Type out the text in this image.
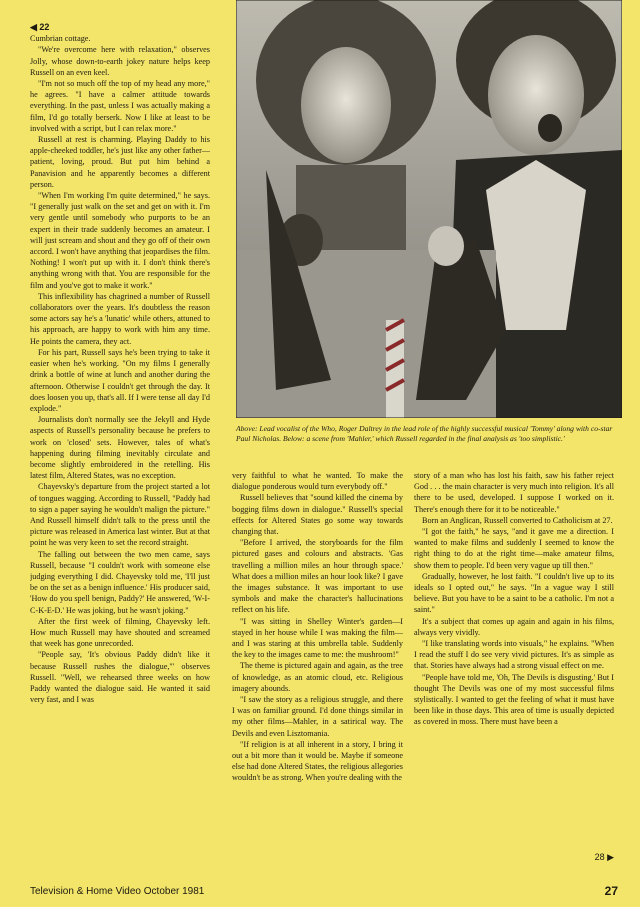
◀ 22

Cumbrian cottage.

"We're overcome here with relaxation," observes Jolly, whose down-to-earth jokey nature helps keep Russell on an even keel.

"I'm not so much off the top of my head any more," he agrees. "I have a calmer attitude towards everything. In the past, unless I was actually making a film, I'd go totally berserk. Now I like at least to be involved with a script, but I can relax more."

Russell at rest is charming. Playing Daddy to his apple-cheeked toddler, he's just like any other father—patient, loving, proud. But put him behind a Panavision and he apparently becomes a different person.

"When I'm working I'm quite determined," he says. "I generally just walk on the set and get on with it. I'm very gentle until somebody who purports to be an expert in their trade suddenly becomes an amateur. I will just scream and shout and they go off of their own accord. I won't have anything that jeopardises the film. Nothing! I won't put up with it. I don't think there's anything wrong with that. You are responsible for the film and you've got to make it work."

This inflexibility has chagrined a number of Russell collaborators over the years. It's doubtless the reason some actors say he's a 'lunatic' while others, attuned to his approach, are happy to work with him any time. He points the camera, they act.

For his part, Russell says he's been trying to take it easier when he's working. "On my films I generally drink a bottle of wine at lunch and another during the afternoon. Otherwise I couldn't get through the day. It does loosen you up, that's all. If I were tense all day I'd explode."

Journalists don't normally see the Jekyll and Hyde aspects of Russell's personality because he prefers to work on 'closed' sets. However, tales of what's happening during filming inevitably circulate and become slightly embroidered in the retelling. His latest film, Altered States, was no exception.

Chayevsky's departure from the project started a lot of tongues wagging. According to Russell, "Paddy had to sign a paper saying he wouldn't malign the picture." And Russell himself didn't talk to the press until the picture was released in America last winter. But at that point he was very keen to set the record straight.

The falling out between the two men came, says Russell, because "I couldn't work with someone else judging everything I did. Chayevsky told me, 'I'll just be on the set as a benign influence.' His producer said, 'How do you spell benign, Paddy?' He answered, 'W-I-C-K-E-D.' He was joking, but he wasn't joking."

After the first week of filming, Chayevsky left. How much Russell may have shouted and screamed that week has gone unrecorded.

"People say, 'It's obvious Paddy didn't like it because Russell rushes the dialogue,'" observes Russell. "Well, we rehearsed three weeks on how Paddy wanted the dialogue said. He wanted it said very fast, and I was

Above: Lead vocalist of the Who, Roger Daltrey in the lead role of the highly successful musical 'Tommy' along with co-star Paul Nicholas. Below: a scene from 'Mahler,' which Russell regarded in the final analysis as 'too simplistic.'

very faithful to what he wanted. To make the dialogue ponderous would turn everybody off."

Russell believes that "sound killed the cinema by bogging films down in dialogue." Russell's special effects for Altered States go some way towards changing that.

"Before I arrived, the storyboards for the film pictured gases and colours and abstracts. 'Gas travelling a million miles an hour through space.' What does a million miles an hour look like? I gave the images substance. It was important to use symbols and make the character's hallucinations reflect on his life.

"I was sitting in Shelley Winter's garden—I stayed in her house while I was making the film—and I was staring at this umbrella table. Suddenly the key to the images came to me: the mushroom!"

The theme is pictured again and again, as the tree of knowledge, as an atomic cloud, etc. Religious imagery abounds.

"I saw the story as a religious struggle, and there I was on familiar ground. I'd done things similar in my other films—Mahler, in a satirical way. The Devils and even Lisztomania.

"If religion is at all inherent in a story, I bring it out a bit more than it would be. Maybe if someone else had done Altered States, the religious allegories wouldn't be as strong. When you're dealing with the

story of a man who has lost his faith, saw his father reject God . . . the main character is very much into religion. It's all there to be used, developed. I suppose I worked on it. There's enough there for it to be noticeable."

Born an Anglican, Russell converted to Catholicism at 27.

"I got the faith," he says, "and it gave me a direction. I wanted to make films and suddenly I seemed to know the right thing to do at the right time—make amateur films, show them to people. I'd been very vague up till then."

Gradually, however, he lost faith. "I couldn't live up to its ideals so I opted out," he says. "In a vague way I still believe. But you have to be a saint to be a catholic. I'm not a saint."

It's a subject that comes up again and again in his films, always very vividly.

"I like translating words into visuals," he explains. "When I read the stuff I do see very vivid pictures. It's as simple as that. Stories have always had a strong visual effect on me.

"People have told me, 'Oh, The Devils is disgusting.' But I thought The Devils was one of my most successful films stylistically. I wanted to get the feeling of what it must have been like in those days. This area of time is usually depicted as covered in moss. There must have been a

28 ▶
Television & Home Video October 1981	27
